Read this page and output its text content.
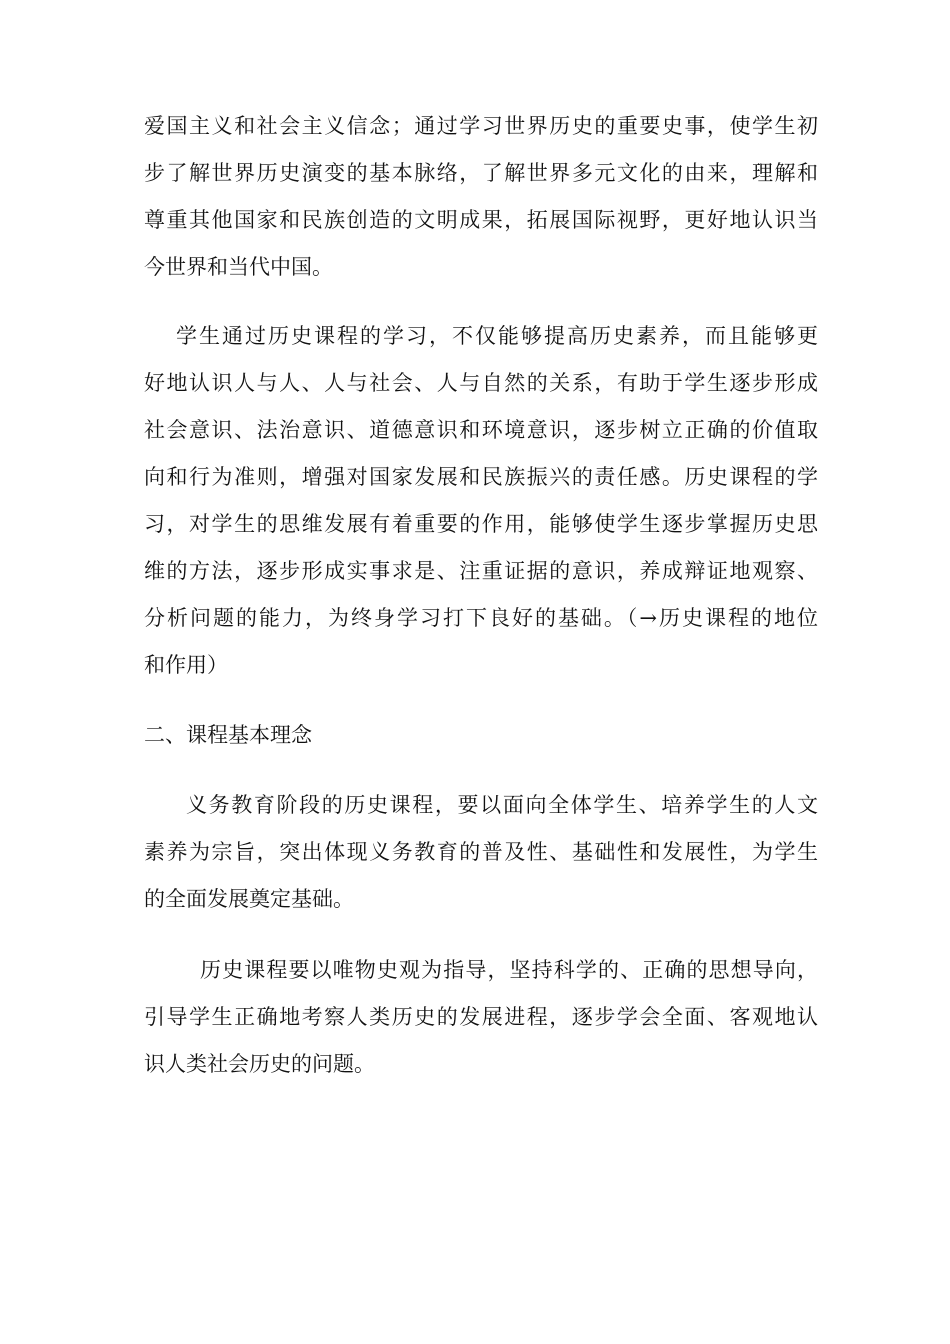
爱国主义和社会主义信念；通过学习世界历史的重要史事，使学生初
步了解世界历史演变的基本脉络，了解世界多元文化的由来，理解和
尊重其他国家和民族创造的文明成果，拓展国际视野，更好地认识当
今世界和当代中国。
学生通过历史课程的学习，不仅能够提高历史素养，而且能够更
好地认识人与人、人与社会、人与自然的关系，有助于学生逐步形成
社会意识、法治意识、道德意识和环境意识，逐步树立正确的价值取
向和行为准则，增强对国家发展和民族振兴的责任感。历史课程的学
习，对学生的思维发展有着重要的作用，能够使学生逐步掌握历史思
维的方法，逐步形成实事求是、注重证据的意识，养成辩证地观察、
分析问题的能力，为终身学习打下良好的基础。（→历史课程的地位
和作用）
二、课程基本理念
义务教育阶段的历史课程，要以面向全体学生、培养学生的人文
素养为宗旨，突出体现义务教育的普及性、基础性和发展性，为学生
的全面发展奠定基础。
历史课程要以唯物史观为指导，坚持科学的、正确的思想导向，
引导学生正确地考察人类历史的发展进程，逐步学会全面、客观地认
识人类社会历史的问题。
